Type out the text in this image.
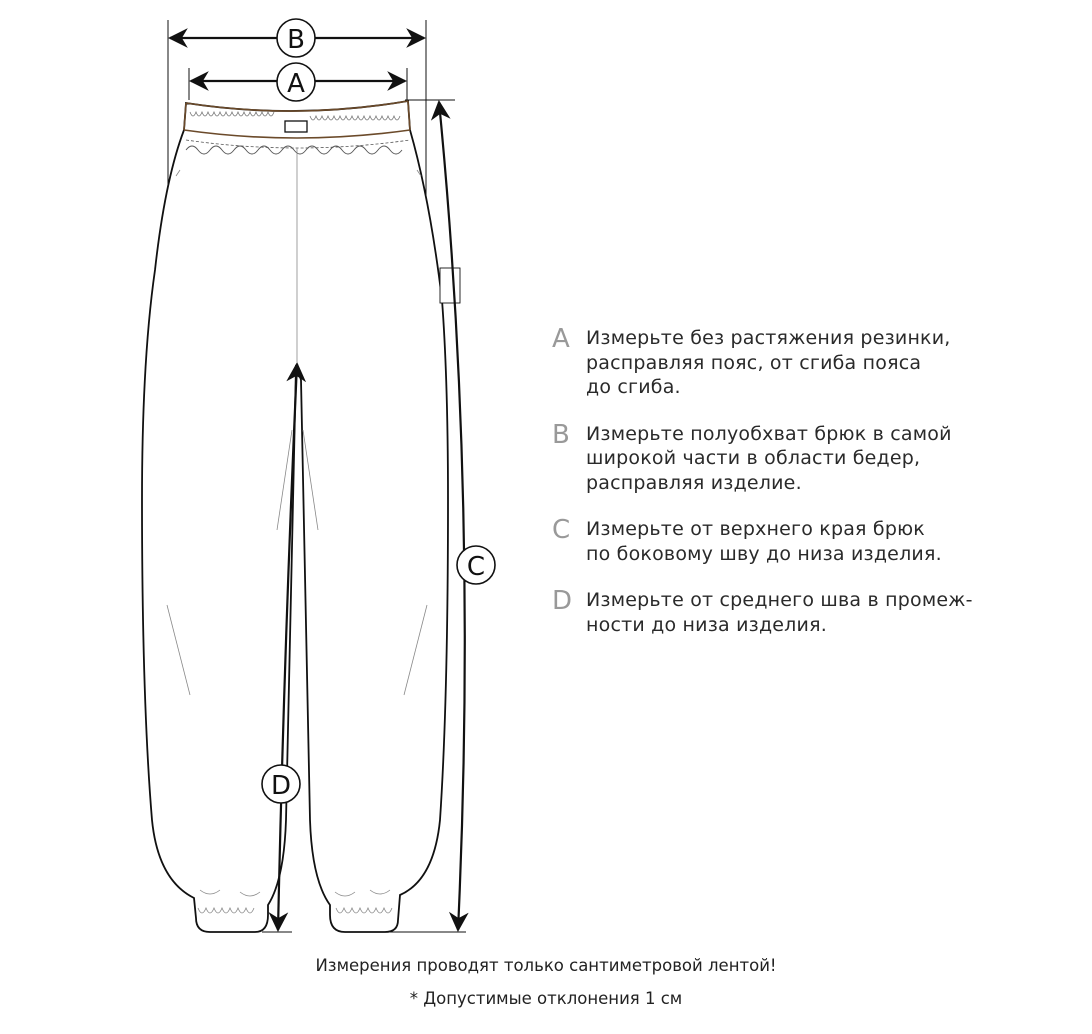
B
A
C
D
A Измерьте без растяжения резинки,
расправляя пояс, от сгиба пояса
до сгиба.
B Измерьте полуобхват брюк в самой
широкой части в области бедер,
расправляя изделие.
C Измерьте от верхнего края брюк
по боковому шву до низа изделия.
D Измерьте от среднего шва в промеж-
ности до низа изделия.
Измерения проводят только сантиметровой лентой!
* Допустимые отклонения 1 см
